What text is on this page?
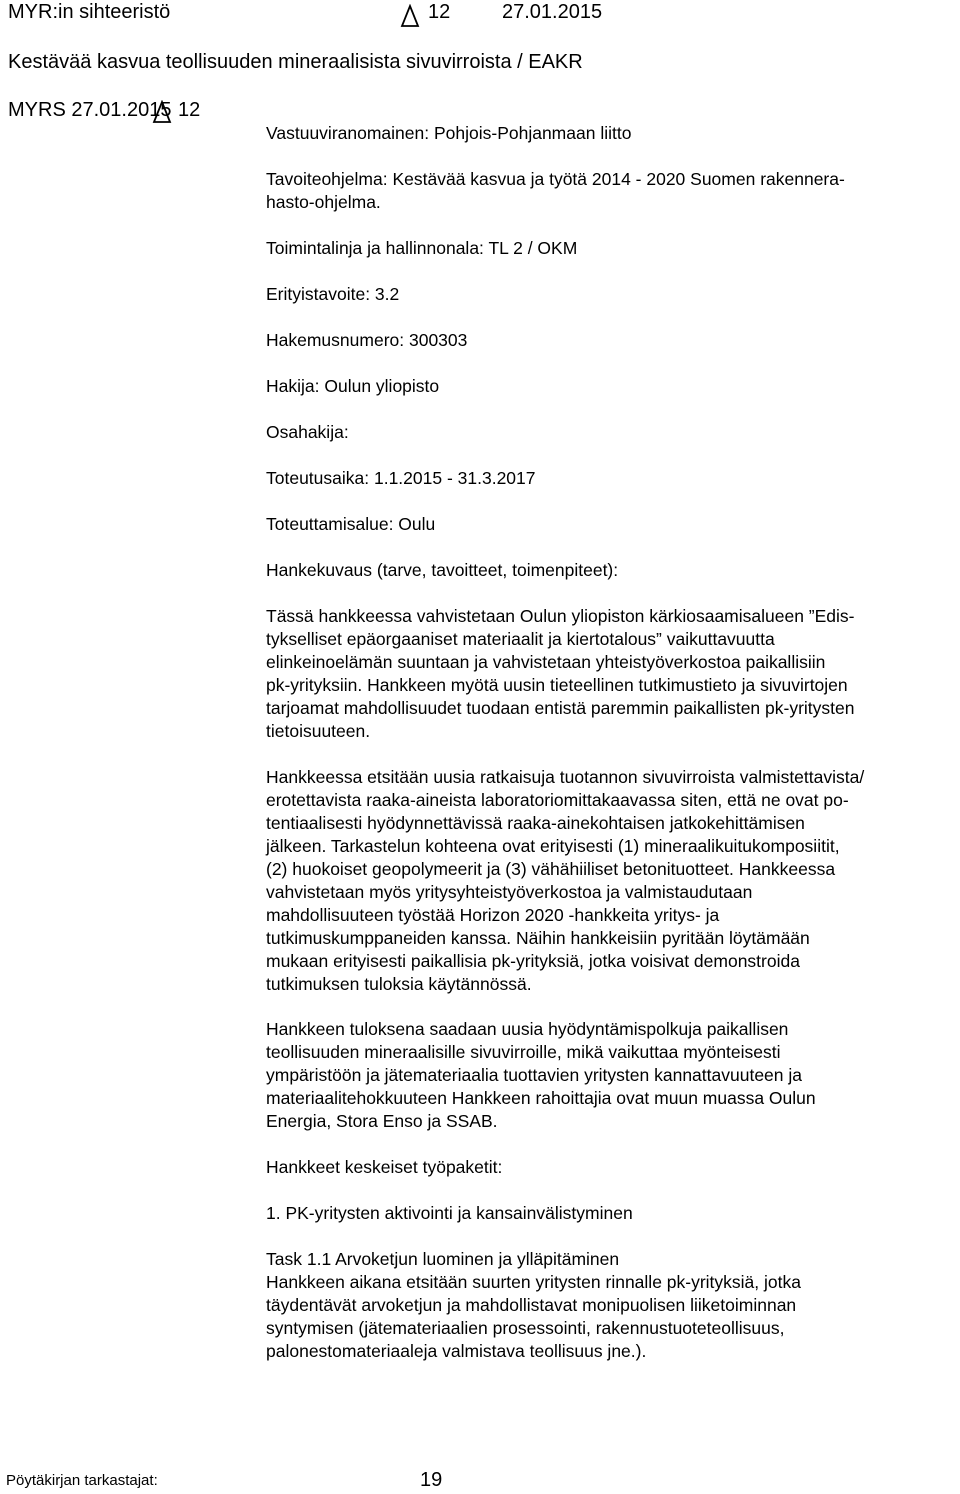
MYR:in sihteeristö	12	27.01.2015
Kestävää kasvua teollisuuden mineraalisista sivuvirroista / EAKR
MYRS 27.01.2015 12
Vastuuviranomainen: Pohjois-Pohjanmaan liitto
Tavoiteohjelma: Kestävää kasvua ja työtä 2014 - 2020 Suomen rakennera-
hasto-ohjelma.
Toimintalinja ja hallinnonala: TL 2 / OKM
Erityistavoite: 3.2
Hakemusnumero: 300303
Hakija: Oulun yliopisto
Osahakija:
Toteutusaika: 1.1.2015 - 31.3.2017
Toteuttamisalue: Oulu
Hankekuvaus (tarve, tavoitteet, toimenpiteet):
Tässä hankkeessa vahvistetaan Oulun yliopiston kärkiosaamisalueen ”Edis-
tykselliset epäorgaaniset materiaalit ja kiertotalous” vaikuttavuutta
elinkeinoelämän suuntaan ja vahvistetaan yhteistyöverkostoa paikallisiin
pk-yrityksiin. Hankkeen myötä uusin tieteellinen tutkimustieto ja sivuvirtojen
tarjoamat mahdollisuudet tuodaan entistä paremmin paikallisten pk-yritysten
tietoisuuteen.
Hankkeessa etsitään uusia ratkaisuja tuotannon sivuvirroista valmistettavista/
erotettavista raaka-aineista laboratoriomittakaavassa siten, että ne ovat po-
tentiaalisesti hyödynnettävissä raaka-ainekohtaisen jatkokehittämisen
jälkeen. Tarkastelun kohteena ovat erityisesti (1) mineraalikuitukomposiitit,
(2) huokoiset geopolymeerit ja (3) vähähiiliset betonituotteet. Hankkeessa
vahvistetaan myös yritysyhteistyöverkostoa ja valmistaudutaan
mahdollisuuteen työstää Horizon 2020 -hankkeita yritys- ja
tutkimuskumppaneiden kanssa. Näihin hankkeisiin pyritään löytämään
mukaan erityisesti paikallisia pk-yrityksiä, jotka voisivat demonstroida
tutkimuksen tuloksia käytännössä.
Hankkeen tuloksena saadaan uusia hyödyntämispolkuja paikallisen
teollisuuden mineraalisille sivuvirroille, mikä vaikuttaa myönteisesti
ympäristöön ja jätemateriaalia tuottavien yritysten kannattavuuteen ja
materiaalitehokkuuteen Hankkeen rahoittajia ovat muun muassa Oulun
Energia, Stora Enso ja SSAB.
Hankkeet keskeiset työpaketit:
1. PK-yritysten aktivointi ja kansainvälistyminen
Task 1.1 Arvoketjun luominen ja ylläpitäminen
Hankkeen aikana etsitään suurten yritysten rinnalle pk-yrityksiä, jotka
täydentävät arvoketjun ja mahdollistavat monipuolisen liiketoiminnan
syntymisen (jätemateriaalien prosessointi, rakennustuoteteollisuus,
palonestomateriaaleja valmistava teollisuus jne.).
Pöytäkirjan tarkastajat:	19
